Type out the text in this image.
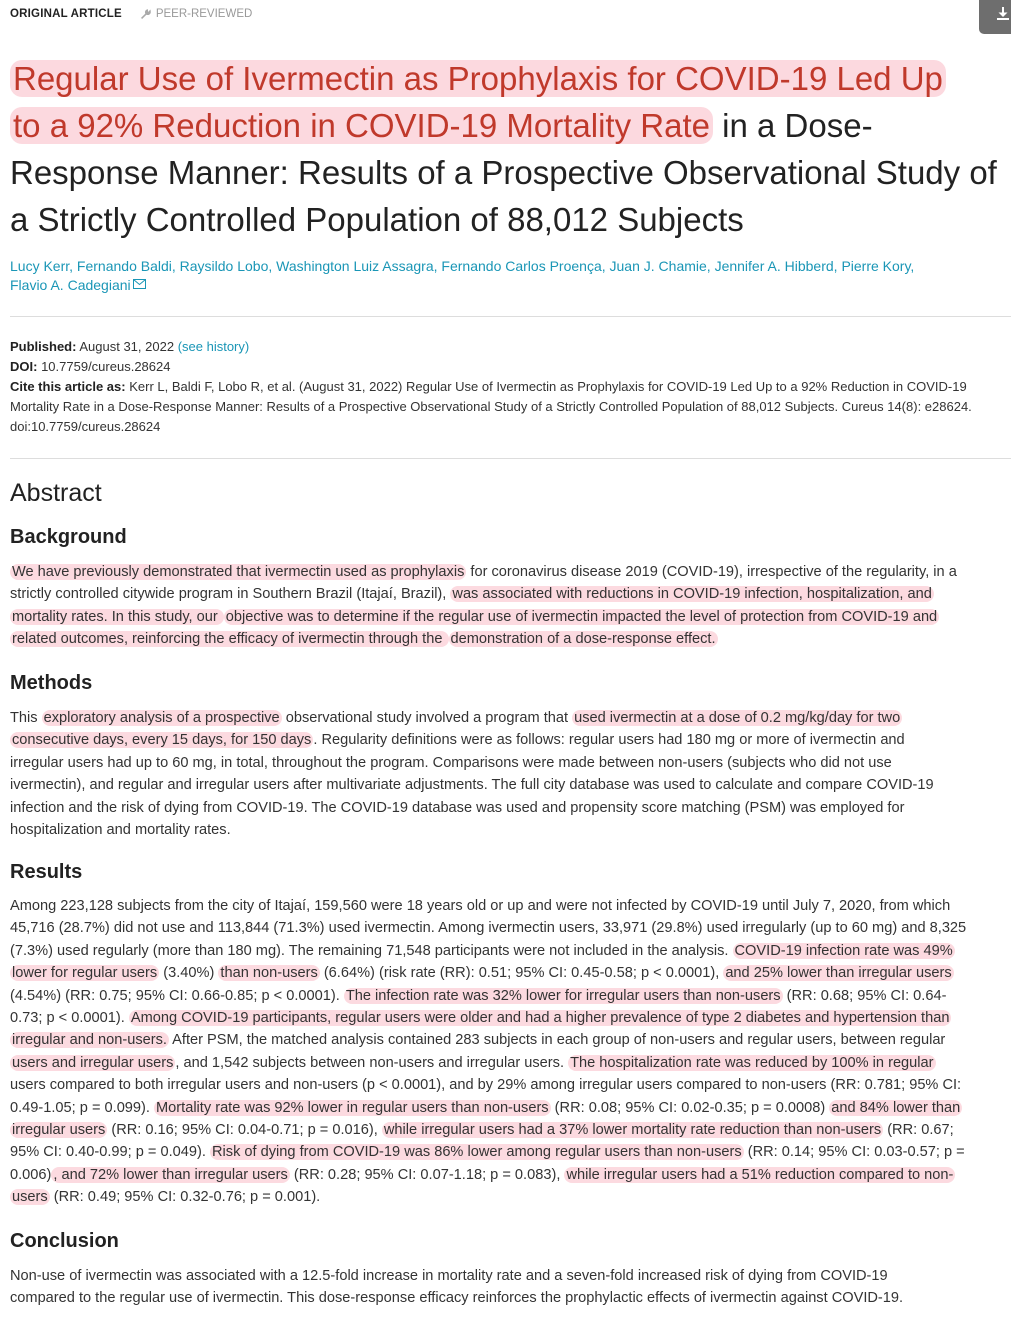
ORIGINAL ARTICLE	PEER-REVIEWED
Regular Use of Ivermectin as Prophylaxis for COVID-19 Led Up
to a 92% Reduction in COVID-19 Mortality Rate in a Dose-Response Manner: Results of a Prospective Observational Study of a Strictly Controlled Population of 88,012 Subjects
Lucy Kerr, Fernando Baldi, Raysildo Lobo, Washington Luiz Assagra, Fernando Carlos Proença, Juan J. Chamie, Jennifer A. Hibberd, Pierre Kory,
Flavio A. Cadegiani
Published: August 31, 2022 (see history)
DOI: 10.7759/cureus.28624
Cite this article as: Kerr L, Baldi F, Lobo R, et al. (August 31, 2022) Regular Use of Ivermectin as Prophylaxis for COVID-19 Led Up to a 92% Reduction in COVID-19
Mortality Rate in a Dose-Response Manner: Results of a Prospective Observational Study of a Strictly Controlled Population of 88,012 Subjects. Cureus 14(8): e28624.
doi:10.7759/cureus.28624
Abstract
Background
We have previously demonstrated that ivermectin used as prophylaxis for coronavirus disease 2019 (COVID-19), irrespective of the regularity, in a
strictly controlled citywide program in Southern Brazil (Itajaí, Brazil), was associated with reductions in COVID-19 infection, hospitalization, and
mortality rates. In this study, our objective was to determine if the regular use of ivermectin impacted the level of protection from COVID-19 and
related outcomes, reinforcing the efficacy of ivermectin through the demonstration of a dose-response effect.
Methods
This exploratory analysis of a prospective observational study involved a program that used ivermectin at a dose of 0.2 mg/kg/day for two
consecutive days, every 15 days, for 150 days . Regularity definitions were as follows: regular users had 180 mg or more of ivermectin and
irregular users had up to 60 mg, in total, throughout the program. Comparisons were made between non-users (subjects who did not use
ivermectin), and regular and irregular users after multivariate adjustments. The full city database was used to calculate and compare COVID-19
infection and the risk of dying from COVID-19. The COVID-19 database was used and propensity score matching (PSM) was employed for
hospitalization and mortality rates.
Results
Among 223,128 subjects from the city of Itajaí, 159,560 were 18 years old or up and were not infected by COVID-19 until July 7, 2020, from which
45,716 (28.7%) did not use and 113,844 (71.3%) used ivermectin. Among ivermectin users, 33,971 (29.8%) used irregularly (up to 60 mg) and 8,325
(7.3%) used regularly (more than 180 mg). The remaining 71,548 participants were not included in the analysis. COVID-19 infection rate was 49%
lower for regular users (3.40%) than non-users (6.64%) (risk rate (RR): 0.51; 95% CI: 0.45-0.58; p < 0.0001), and 25% lower than irregular users
(4.54%) (RR: 0.75; 95% CI: 0.66-0.85; p < 0.0001). The infection rate was 32% lower for irregular users than non-users (RR: 0.68; 95% CI: 0.64-
0.73; p < 0.0001). Among COVID-19 participants, regular users were older and had a higher prevalence of type 2 diabetes and hypertension than
irregular and non-users. After PSM, the matched analysis contained 283 subjects in each group of non-users and regular users, between regular
users and irregular users , and 1,542 subjects between non-users and irregular users. The hospitalization rate was reduced by 100% in regular
users compared to both irregular users and non-users (p < 0.0001), and by 29% among irregular users compared to non-users (RR: 0.781; 95% CI:
0.49-1.05; p = 0.099). Mortality rate was 92% lower in regular users than non-users (RR: 0.08; 95% CI: 0.02-0.35; p = 0.0008) and 84% lower than
irregular users (RR: 0.16; 95% CI: 0.04-0.71; p = 0.016), while irregular users had a 37% lower mortality rate reduction than non-users (RR: 0.67;
95% CI: 0.40-0.99; p = 0.049). Risk of dying from COVID-19 was 86% lower among regular users than non-users (RR: 0.14; 95% CI: 0.03-0.57; p =
0.006) , and 72% lower than irregular users (RR: 0.28; 95% CI: 0.07-1.18; p = 0.083), while irregular users had a 51% reduction compared to non-
users (RR: 0.49; 95% CI: 0.32-0.76; p = 0.001).
Conclusion
Non-use of ivermectin was associated with a 12.5-fold increase in mortality rate and a seven-fold increased risk of dying from COVID-19
compared to the regular use of ivermectin. This dose-response efficacy reinforces the prophylactic effects of ivermectin against COVID-19.
